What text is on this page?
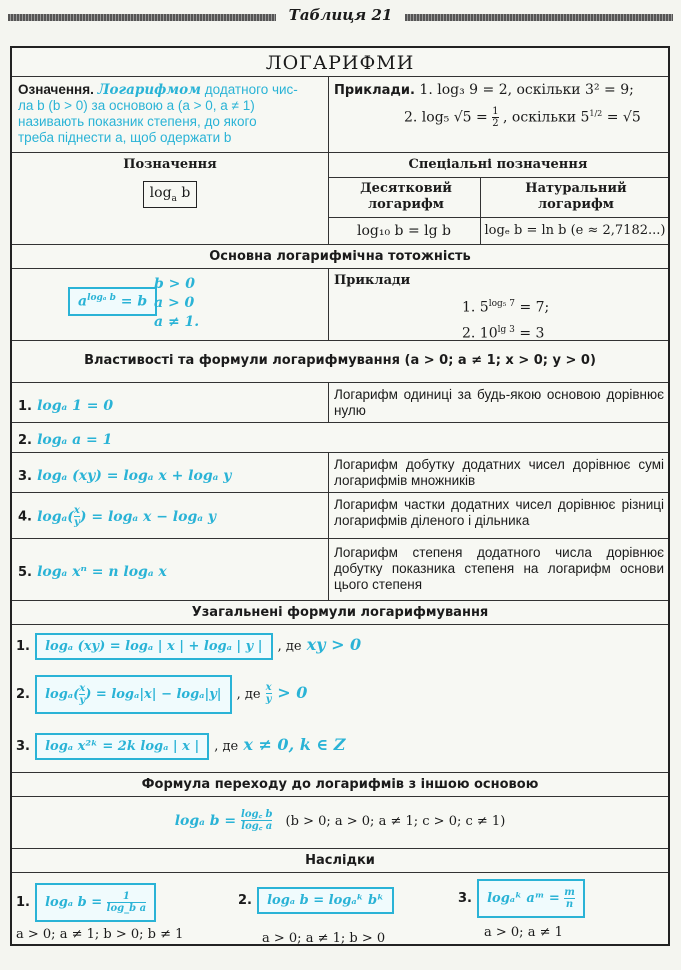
Таблиця 21
ЛОГАРИФМИ
Означення. Логарифмом додатного чис-
ла b (b > 0) за основою a (a > 0, a ≠ 1)
називають показник степеня, до якого
треба піднести a, щоб одержати b
Приклади. 1. log₃ 9 = 2, оскільки 3² = 9;
2. log₅ $√5 = \frac{1}{2}$ , оскільки $5^{1/2} = √5$
Позначення
$\log_a b$
Спеціальні позначення
Десятковий логарифм
Натуральний логарифм
log₁₀ b = lg b	logₑ b = ln b (e ≈ 2,7182...)
Основна логарифмічна тотожність
$a^{log_a b} = b$
b > 0
a > 0
a ≠ 1.
Приклади
1. $5^{log_5 7} = 7$;
2. $10^{lg 3} = 3$
Властивості та формули логарифмування (a > 0; a ≠ 1; x > 0; y > 0)
1. logₐ 1 = 0
Логарифм одиниці за будь-якою основою дорівнює нулю
2. logₐ a = 1
3. logₐ (xy) = logₐ x + logₐ y
Логарифм добутку додатних чисел дорівнює сумі логарифмів множників
4. $\log_a( \frac{x}{y}$ ) = logₐ x − logₐ y
Логарифм частки додатних чисел дорівнює різниці логарифмів діленого і дільника
5. logₐ xⁿ = n logₐ x
Логарифм степеня додатного числа дорівнює добутку показника степеня на логарифм основи цього степеня
Узагальнені формули логарифмування
1. logₐ (xy) = logₐ | x | + logₐ | y | , де xy > 0
2. $\log_a( \frac{x}{y}$ ) = logₐ|x| − logₐ|y| , де $\frac{x}{y} > 0$
3. logₐ x²ᵏ = 2k logₐ | x | , де x ≠ 0, k ∈ Z
Формула переходу до логарифмів з іншою основою
logₐ $b = \frac{\log꜀ b}{\log꜀ a} (b > 0$; a > 0; a ≠ 1; c > 0; c ≠ 1)
Наслідки
1. logₐ $b = \frac{1}{\text{log\_b a}}$
a > 0; a ≠ 1; b > 0; b ≠ 1
2. logₐ b = logₐᵏ bᵏ
a > 0; a ≠ 1; b > 0
3. logₐᵏ aᵐ = $\frac{m}{n}$
a > 0; a ≠ 1
